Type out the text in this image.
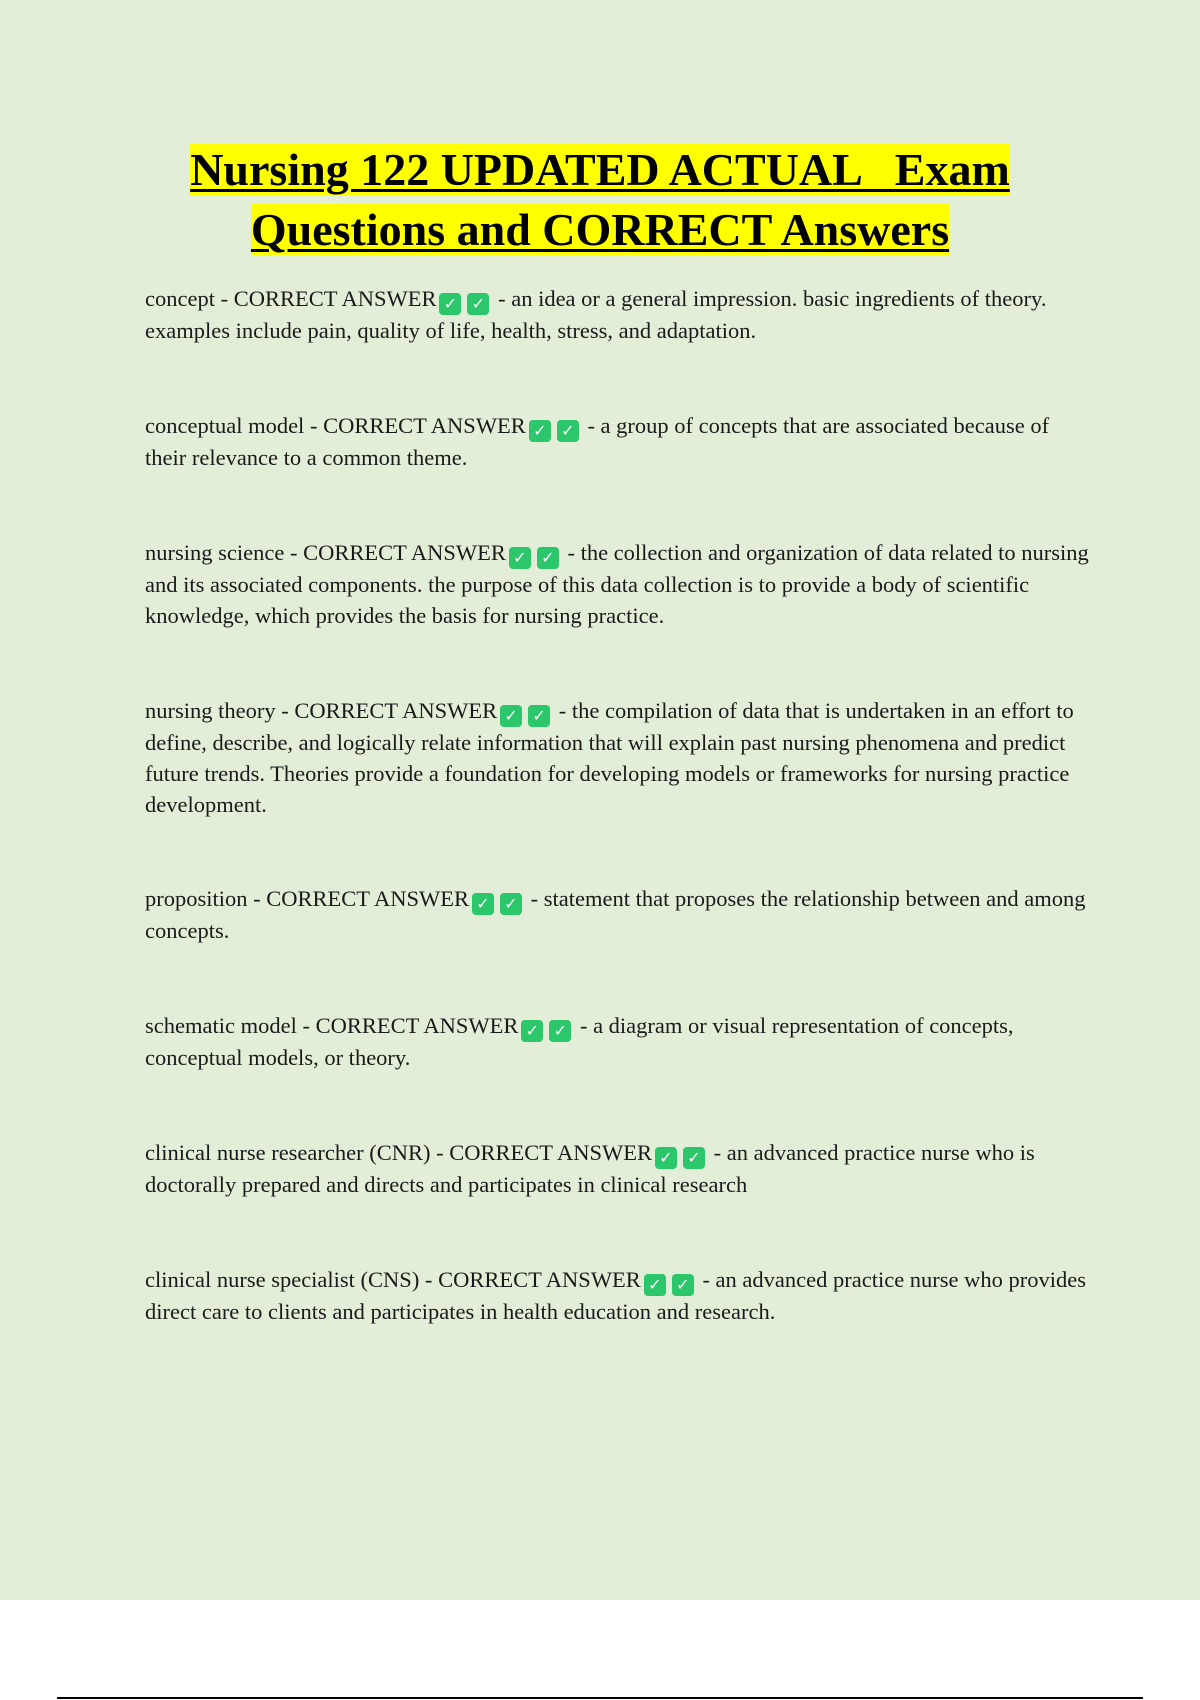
Nursing 122 UPDATED ACTUAL   Exam
Questions and CORRECT Answers

concept - CORRECT ANSWER ✓ ✓ - an idea or a general impression. basic ingredients of theory. examples include pain, quality of life, health, stress, and adaptation.

conceptual model - CORRECT ANSWER ✓ ✓ - a group of concepts that are associated because of their relevance to a common theme.

nursing science - CORRECT ANSWER ✓ ✓ - the collection and organization of data related to nursing and its associated components. the purpose of this data collection is to provide a body of scientific knowledge, which provides the basis for nursing practice.

nursing theory - CORRECT ANSWER ✓ ✓ - the compilation of data that is undertaken in an effort to define, describe, and logically relate information that will explain past nursing phenomena and predict future trends. Theories provide a foundation for developing models or frameworks for nursing practice development.

proposition - CORRECT ANSWER ✓ ✓ - statement that proposes the relationship between and among concepts.

schematic model - CORRECT ANSWER ✓ ✓ - a diagram or visual representation of concepts, conceptual models, or theory.

clinical nurse researcher (CNR) - CORRECT ANSWER ✓ ✓ - an advanced practice nurse who is doctorally prepared and directs and participates in clinical research

clinical nurse specialist (CNS) - CORRECT ANSWER ✓ ✓ - an advanced practice nurse who provides direct care to clients and participates in health education and research.
